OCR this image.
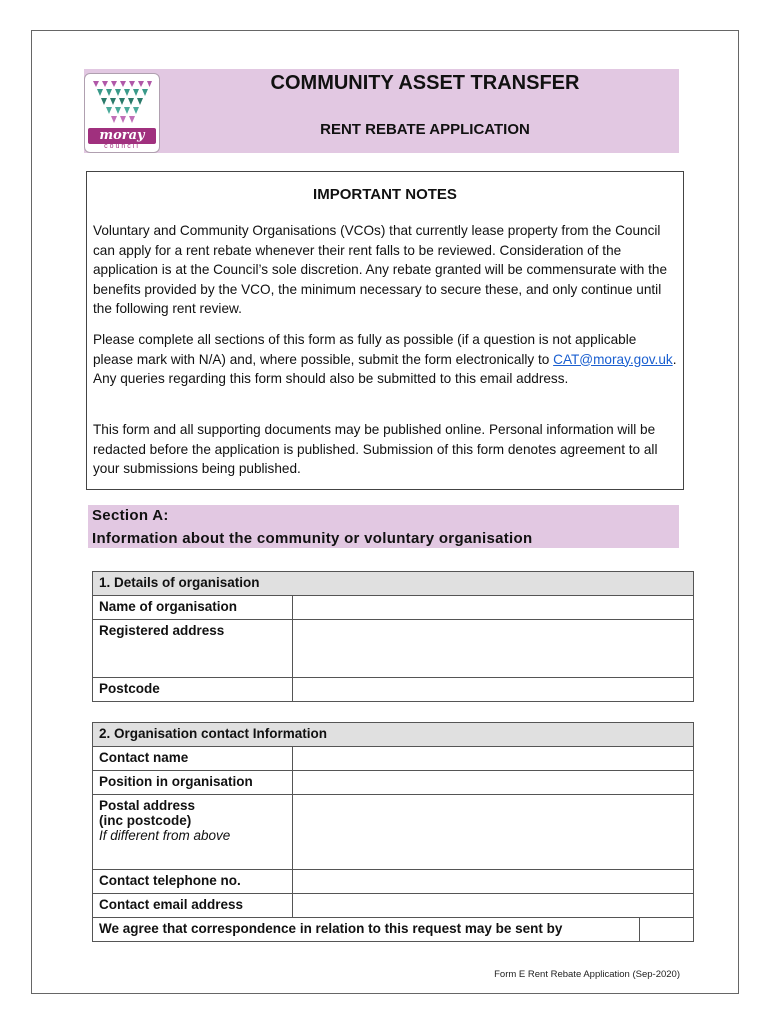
moray
council
COMMUNITY ASSET TRANSFER
RENT REBATE APPLICATION
IMPORTANT NOTES

Voluntary and Community Organisations (VCOs) that currently lease property from the Council can apply for a rent rebate whenever their rent falls to be reviewed. Consideration of the application is at the Council’s sole discretion. Any rebate granted will be commensurate with the benefits provided by the VCO, the minimum necessary to secure these, and only continue until the following rent review.

Please complete all sections of this form as fully as possible (if a question is not applicable please mark with N/A) and, where possible, submit the form electronically to CAT@moray.gov.uk. Any queries regarding this form should also be submitted to this email address.

This form and all supporting documents may be published online. Personal information will be redacted before the application is published. Submission of this form denotes agreement to all your submissions being published.

Section A:
Information about the community or voluntary organisation
1. Details of organisation	
Name of organisation	
Registered address	
Postcode	
2. Organisation contact Information		
Contact name		
Position in organisation		

Postal address
(inc postcode)
If different from above		

Contact telephone no.		
Contact email address		
We agree that correspondence in relation to this request may be sent by		
Form E Rent Rebate Application (Sep-2020)
